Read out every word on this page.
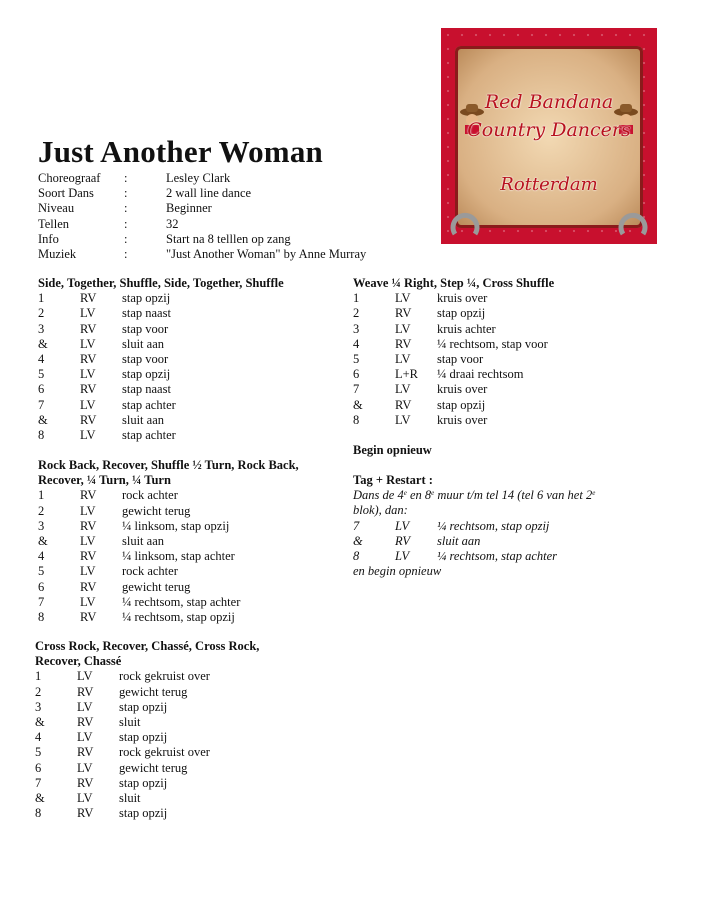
Just Another Woman
Choreograaf	:	Lesley Clark
Soort Dans	:	2 wall line dance
Niveau	:	Beginner
Tellen	:	32
Info	:	Start na 8 telllen op zang
Muziek	:	"Just Another Woman" by Anne Murray
Red Bandana
Country Dancers
Rotterdam
Side, Together, Shuffle, Side, Together, Shuffle
1	RV	stap opzij
2	LV	stap naast
3	RV	stap voor
&	LV	sluit aan
4	RV	stap voor
5	LV	stap opzij
6	RV	stap naast
7	LV	stap achter
&	RV	sluit aan
8	LV	stap achter
Rock Back, Recover, Shuffle ½ Turn, Rock Back, Recover, ¼ Turn, ¼ Turn
1	RV	rock achter
2	LV	gewicht terug
3	RV	¼ linksom, stap opzij
&	LV	sluit aan
4	RV	¼ linksom, stap achter
5	LV	rock achter
6	RV	gewicht terug
7	LV	¼ rechtsom, stap achter
8	RV	¼ rechtsom, stap opzij
Cross Rock, Recover, Chassé, Cross Rock, Recover, Chassé
1	LV	rock gekruist over
2	RV	gewicht terug
3	LV	stap opzij
&	RV	sluit
4	LV	stap opzij
5	RV	rock gekruist over
6	LV	gewicht terug
7	RV	stap opzij
&	LV	sluit
8	RV	stap opzij
Weave ¼ Right, Step ¼, Cross Shuffle
1	LV	kruis over
2	RV	stap opzij
3	LV	kruis achter
4	RV	¼ rechtsom, stap voor
5	LV	stap voor
6	L+R	¼ draai rechtsom
7	LV	kruis over
&	RV	stap opzij
8	LV	kruis over
Begin opnieuw
Tag + Restart :
Dans de 4e en 8e muur t/m tel 14 (tel 6 van het 2e
blok), dan:
7	LV	¼ rechtsom, stap opzij
&	RV	sluit aan
8	LV	¼ rechtsom, stap achter
en begin opnieuw
